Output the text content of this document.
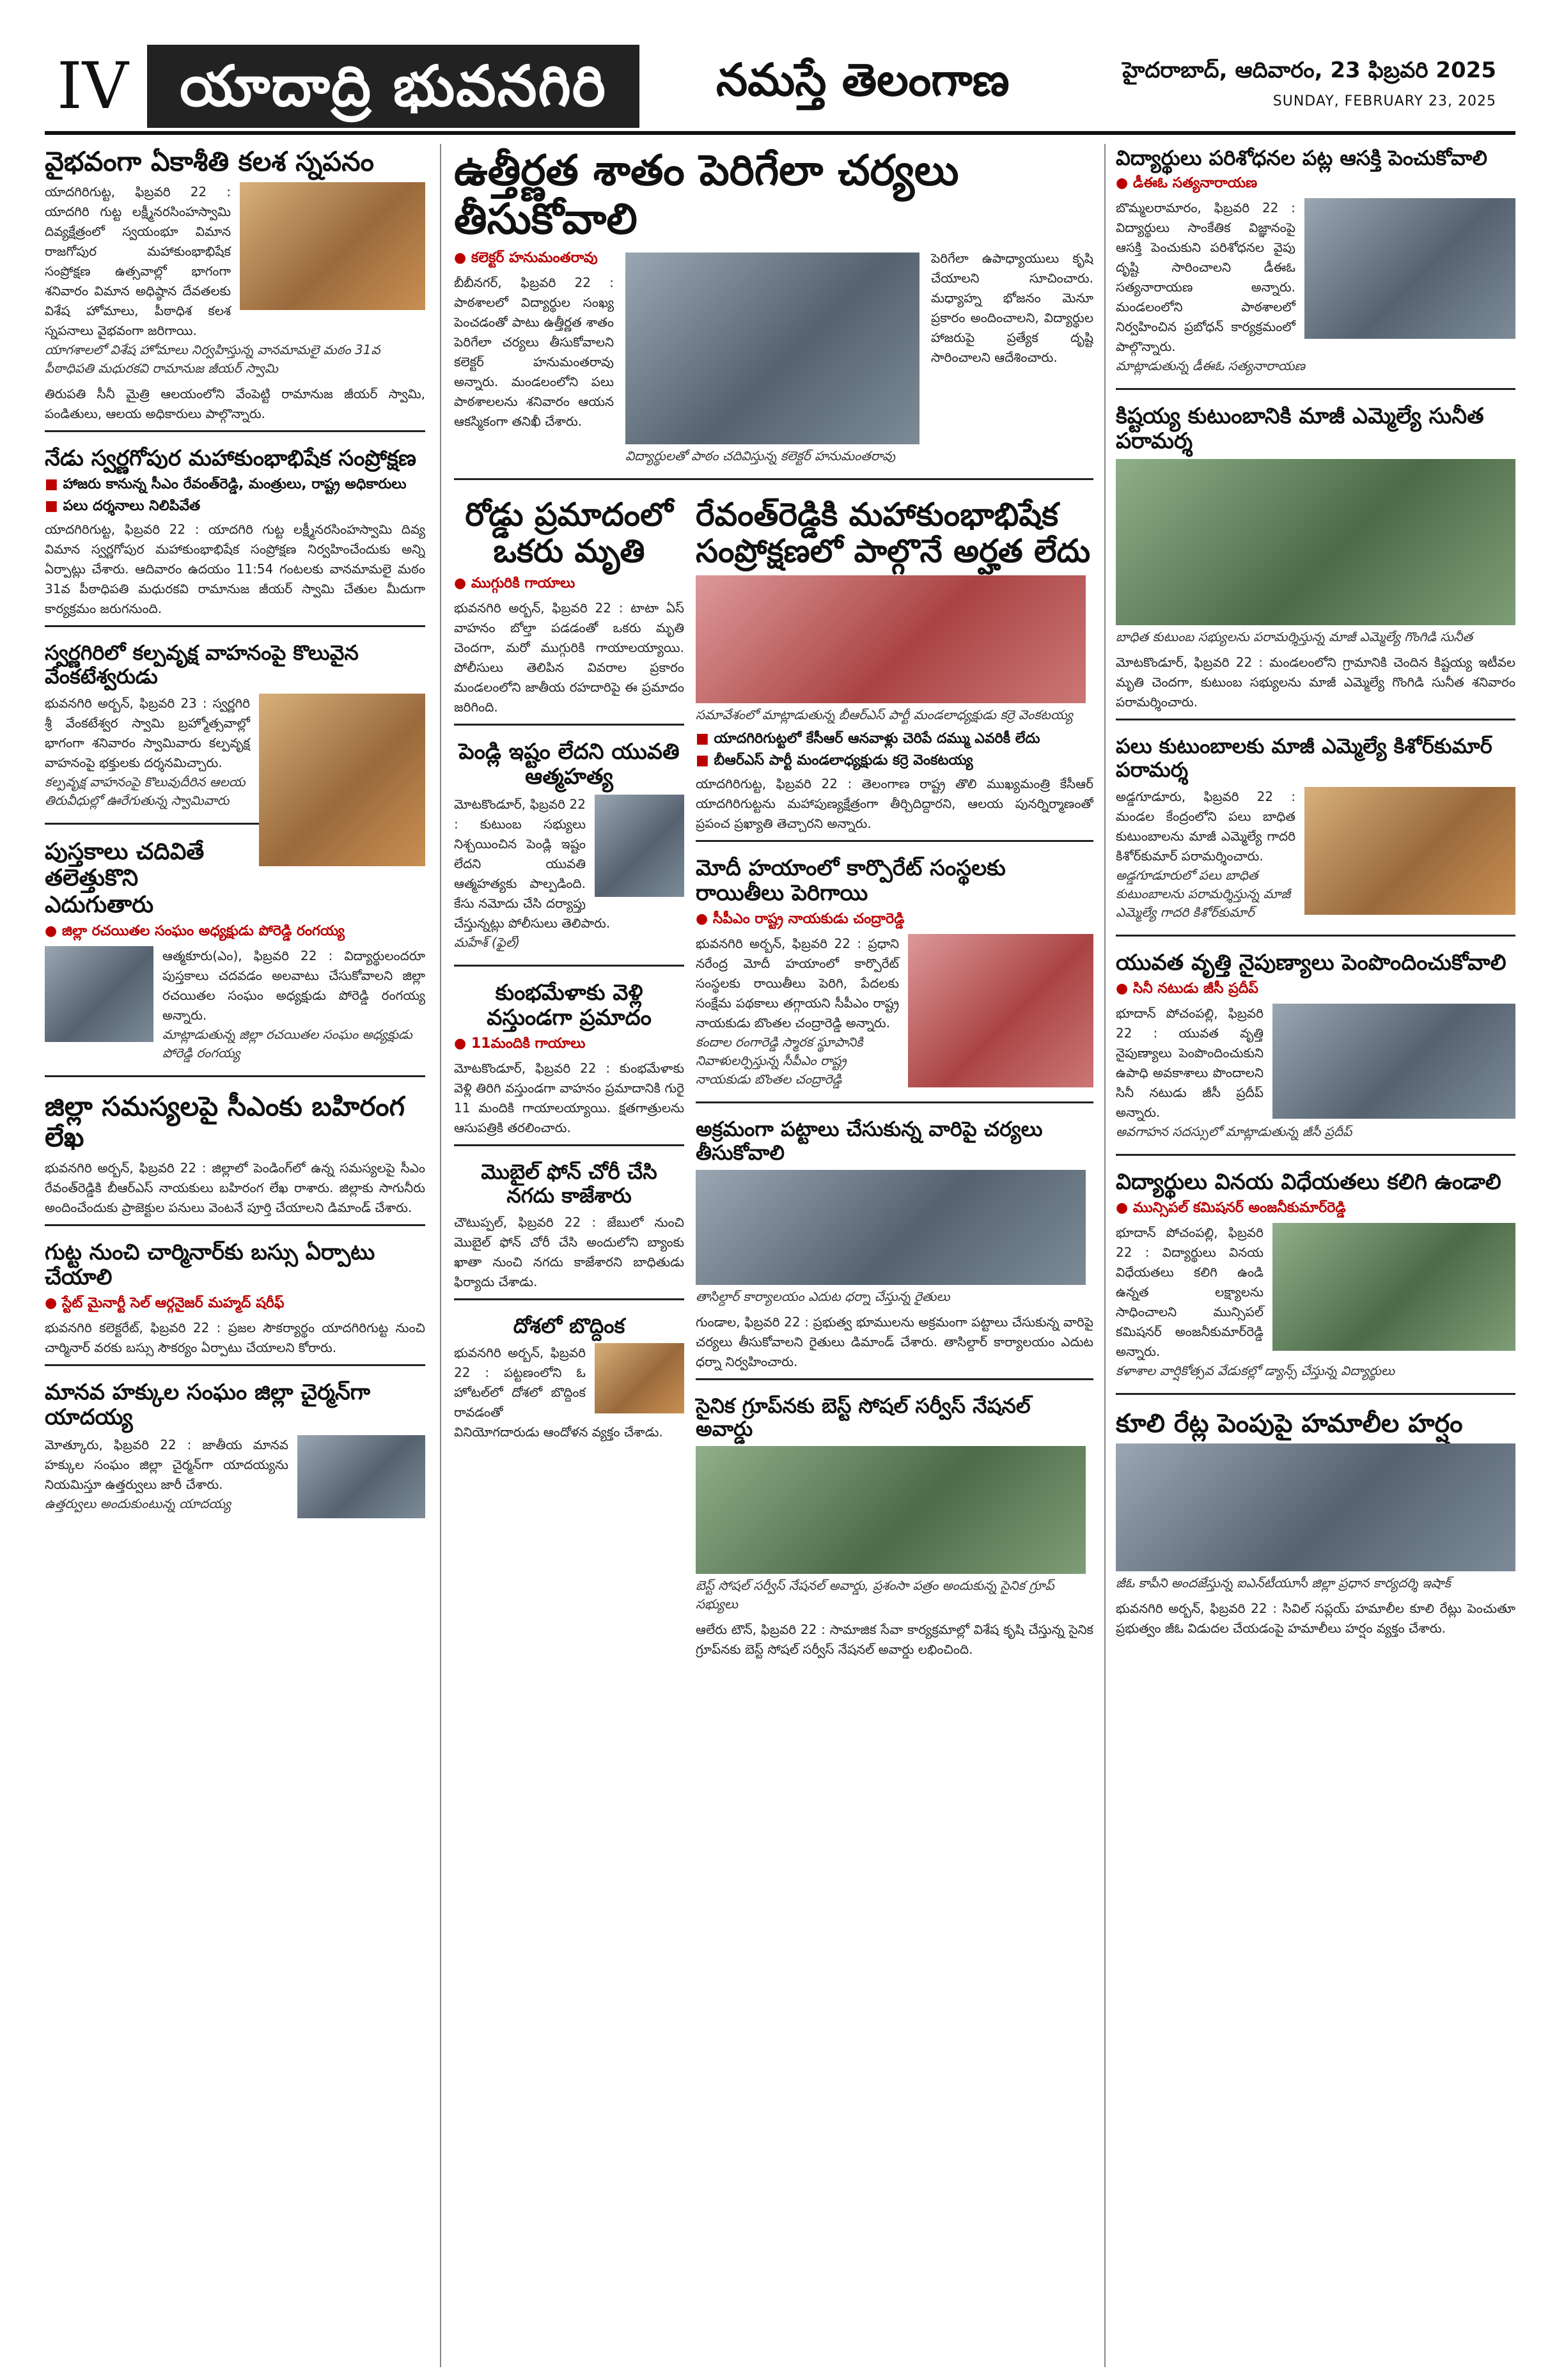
IV యాదాద్రి భువనగిరి	నమస్తే తెలంగాణ	హైదరాబాద్, ఆదివారం, 23 ఫిబ్రవరి 2025
SUNDAY, FEBRUARY 23, 2025
వైభవంగా ఏకాశీతి కలశ స్నపనం
యాదగిరిగుట్ట, ఫిబ్రవరి 22 : యాదగిరి గుట్ట లక్ష్మీనరసింహస్వామి దివ్యక్షేత్రంలో స్వయంభూ విమాన రాజగోపుర మహాకుంభాభిషేక సంప్రోక్షణ ఉత్సవాల్లో భాగంగా శనివారం విమాన అధిష్ఠాన దేవతలకు విశేష హోమాలు, పీఠాధిశ కలశ స్నపనాలు వైభవంగా జరిగాయి.
యాగశాలలో విశేష హోమాలు నిర్వహిస్తున్న వానమామలై మఠం 31వ పీఠాధిపతి మధురకవి రామానుజ జీయర్ స్వామి
తిరుపతి సీనీ మైత్రి ఆలయంలోని వేంపెట్టి రామానుజ జీయర్ స్వామి, పండితులు, ఆలయ అధికారులు పాల్గొన్నారు.
నేడు స్వర్ణగోపుర మహాకుంభాభిషేక సంప్రోక్షణ
■ హాజరు కానున్న సీఎం రేవంత్‌రెడ్డి, మంత్రులు, రాష్ట్ర అధికారులు
■ పలు దర్శనాలు నిలిపివేత
యాదగిరిగుట్ట, ఫిబ్రవరి 22 : యాదగిరి గుట్ట లక్ష్మీనరసింహస్వామి దివ్య విమాన స్వర్ణగోపుర మహాకుంభాభిషేక సంప్రోక్షణ నిర్వహించేందుకు అన్ని ఏర్పాట్లు చేశారు. ఆదివారం ఉదయం 11:54 గంటలకు వానమామలై మఠం 31వ పీఠాధిపతి మధురకవి రామానుజ జీయర్ స్వామి చేతుల మీదుగా కార్యక్రమం జరుగనుంది.
స్వర్ణగిరిలో కల్పవృక్ష వాహనంపై కొలువైన వేంకటేశ్వరుడు
భువనగిరి అర్బన్, ఫిబ్రవరి 23 : స్వర్ణగిరి శ్రీ వేంకటేశ్వర స్వామి బ్రహ్మోత్సవాల్లో భాగంగా శనివారం స్వామివారు కల్పవృక్ష వాహనంపై భక్తులకు దర్శనమిచ్చారు.
కల్పవృక్ష వాహనంపై కొలువుదీరిన ఆలయ తిరువీధుల్లో ఊరేగుతున్న స్వామివారు
పుస్తకాలు చదివితే తలెత్తుకొని ఎదుగుతారు
● జిల్లా రచయితల సంఘం అధ్యక్షుడు పోరెడ్డి రంగయ్య
ఆత్మకూరు(ఎం), ఫిబ్రవరి 22 : విద్యార్థులందరూ పుస్తకాలు చదవడం అలవాటు చేసుకోవాలని జిల్లా రచయితల సంఘం అధ్యక్షుడు పోరెడ్డి రంగయ్య అన్నారు.
మాట్లాడుతున్న జిల్లా రచయితల సంఘం అధ్యక్షుడు పోరెడ్డి రంగయ్య
జిల్లా సమస్యలపై సీఎంకు బహిరంగ లేఖ
భువనగిరి అర్బన్, ఫిబ్రవరి 22 : జిల్లాలో పెండింగ్‌లో ఉన్న సమస్యలపై సీఎం రేవంత్‌రెడ్డికి బీఆర్‌ఎస్ నాయకులు బహిరంగ లేఖ రాశారు. జిల్లాకు సాగునీరు అందించేందుకు ప్రాజెక్టుల పనులు వెంటనే పూర్తి చేయాలని డిమాండ్ చేశారు.
గుట్ట నుంచి చార్మినార్‌కు బస్సు ఏర్పాటు చేయాలి
● స్టేట్ మైనార్టీ సెల్ ఆర్గనైజర్ మహ్మద్ షరీఫ్
భువనగిరి కలెక్టరేట్, ఫిబ్రవరి 22 : ప్రజల సౌకర్యార్థం యాదగిరిగుట్ట నుంచి చార్మినార్ వరకు బస్సు సౌకర్యం ఏర్పాటు చేయాలని కోరారు.
మానవ హక్కుల సంఘం జిల్లా చైర్మన్‌గా యాదయ్య
మోత్కూరు, ఫిబ్రవరి 22 : జాతీయ మానవ హక్కుల సంఘం జిల్లా చైర్మన్‌గా యాదయ్యను నియమిస్తూ ఉత్తర్వులు జారీ చేశారు.
ఉత్తర్వులు అందుకుంటున్న యాదయ్య
ఉత్తీర్ణత శాతం పెరిగేలా చర్యలు తీసుకోవాలి
● కలెక్టర్ హనుమంతరావు
బీబీనగర్, ఫిబ్రవరి 22 : పాఠశాలలో విద్యార్థుల సంఖ్య పెంచడంతో పాటు ఉత్తీర్ణత శాతం పెరిగేలా చర్యలు తీసుకోవాలని కలెక్టర్ హనుమంతరావు అన్నారు. మండలంలోని పలు పాఠశాలలను శనివారం ఆయన ఆకస్మికంగా తనిఖీ చేశారు.
విద్యార్థులతో పాఠం చదివిస్తున్న కలెక్టర్ హనుమంతరావు
పెరిగేలా ఉపాధ్యాయులు కృషి చేయాలని సూచించారు. మధ్యాహ్న భోజనం మెనూ ప్రకారం అందించాలని, విద్యార్థుల హాజరుపై ప్రత్యేక దృష్టి సారించాలని ఆదేశించారు.
రోడ్డు ప్రమాదంలో ఒకరు మృతి
● ముగ్గురికి గాయాలు
భువనగిరి అర్బన్, ఫిబ్రవరి 22 : టాటా ఏస్ వాహనం బోల్తా పడడంతో ఒకరు మృతి చెందగా, మరో ముగ్గురికి గాయాలయ్యాయి. పోలీసులు తెలిపిన వివరాల ప్రకారం మండలంలోని జాతీయ రహదారిపై ఈ ప్రమాదం జరిగింది.
పెండ్లి ఇష్టం లేదని యువతి ఆత్మహత్య
మోటకొండూర్, ఫిబ్రవరి 22 : కుటుంబ సభ్యులు నిశ్చయించిన పెండ్లి ఇష్టం లేదని యువతి ఆత్మహత్యకు పాల్పడింది. కేసు నమోదు చేసి దర్యాప్తు చేస్తున్నట్లు పోలీసులు తెలిపారు.
మహేశ్ (ఫైల్)
కుంభమేళాకు వెళ్లి వస్తుండగా ప్రమాదం
● 11మందికి గాయాలు
మోటకొండూర్, ఫిబ్రవరి 22 : కుంభమేళాకు వెళ్లి తిరిగి వస్తుండగా వాహనం ప్రమాదానికి గురై 11 మందికి గాయాలయ్యాయి. క్షతగాత్రులను ఆసుపత్రికి తరలించారు.
మొబైల్ ఫోన్ చోరీ చేసి నగదు కాజేశారు
చౌటుప్పల్, ఫిబ్రవరి 22 : జేబులో నుంచి మొబైల్ ఫోన్ చోరీ చేసి అందులోని బ్యాంకు ఖాతా నుంచి నగదు కాజేశారని బాధితుడు ఫిర్యాదు చేశాడు.
దోశలో బొద్దింక
భువనగిరి అర్బన్, ఫిబ్రవరి 22 : పట్టణంలోని ఓ హోటల్‌లో దోశలో బొద్దింక రావడంతో వినియోగదారుడు ఆందోళన వ్యక్తం చేశాడు.
రేవంత్‌రెడ్డికి మహాకుంభాభిషేక సంప్రోక్షణలో పాల్గొనే అర్హత లేదు
సమావేశంలో మాట్లాడుతున్న బీఆర్‌ఎస్ పార్టీ మండలాధ్యక్షుడు కర్రె వెంకటయ్య
■ యాదగిరిగుట్టలో కేసీఆర్ ఆనవాళ్లు చెరిపే దమ్ము ఎవరికీ లేదు
■ బీఆర్‌ఎస్ పార్టీ మండలాధ్యక్షుడు కర్రె వెంకటయ్య
యాదగిరిగుట్ట, ఫిబ్రవరి 22 : తెలంగాణ రాష్ట్ర తొలి ముఖ్యమంత్రి కేసీఆర్ యాదగిరిగుట్టను మహాపుణ్యక్షేత్రంగా తీర్చిదిద్దారని, ఆలయ పునర్నిర్మాణంతో ప్రపంచ ప్రఖ్యాతి తెచ్చారని అన్నారు.
మోదీ హయాంలో కార్పొరేట్ సంస్థలకు రాయితీలు పెరిగాయి
● సీపీఎం రాష్ట్ర నాయకుడు చంద్రారెడ్డి
భువనగిరి అర్బన్, ఫిబ్రవరి 22 : ప్రధాని నరేంద్ర మోదీ హయాంలో కార్పొరేట్ సంస్థలకు రాయితీలు పెరిగి, పేదలకు సంక్షేమ పథకాలు తగ్గాయని సీపీఎం రాష్ట్ర నాయకుడు బొంతల చంద్రారెడ్డి అన్నారు.
కందాల రంగారెడ్డి స్మారక స్థూపానికి నివాళులర్పిస్తున్న సీపీఎం రాష్ట్ర నాయకుడు బొంతల చంద్రారెడ్డి
అక్రమంగా పట్టాలు చేసుకున్న వారిపై చర్యలు తీసుకోవాలి
తాసిల్దార్ కార్యాలయం ఎదుట ధర్నా చేస్తున్న రైతులు
గుండాల, ఫిబ్రవరి 22 : ప్రభుత్వ భూములను అక్రమంగా పట్టాలు చేసుకున్న వారిపై చర్యలు తీసుకోవాలని రైతులు డిమాండ్ చేశారు. తాసిల్దార్ కార్యాలయం ఎదుట ధర్నా నిర్వహించారు.
సైనిక గ్రూప్‌నకు బెస్ట్ సోషల్ సర్వీస్ నేషనల్ అవార్డు
బెస్ట్ సోషల్ సర్వీస్ నేషనల్ అవార్డు, ప్రశంసా పత్రం అందుకున్న సైనిక గ్రూప్ సభ్యులు
ఆలేరు టౌన్, ఫిబ్రవరి 22 : సామాజిక సేవా కార్యక్రమాల్లో విశేష కృషి చేస్తున్న సైనిక గ్రూప్‌నకు బెస్ట్ సోషల్ సర్వీస్ నేషనల్ అవార్డు లభించింది.
విద్యార్థులు పరిశోధనల పట్ల ఆసక్తి పెంచుకోవాలి
● డీఈఓ సత్యనారాయణ
బొమ్మలరామారం, ఫిబ్రవరి 22 : విద్యార్థులు సాంకేతిక విజ్ఞానంపై ఆసక్తి పెంచుకుని పరిశోధనల వైపు దృష్టి సారించాలని డీఈఓ సత్యనారాయణ అన్నారు. మండలంలోని పాఠశాలలో నిర్వహించిన ప్రబోధన్ కార్యక్రమంలో పాల్గొన్నారు.
మాట్లాడుతున్న డీఈఓ సత్యనారాయణ
కిష్టయ్య కుటుంబానికి మాజీ ఎమ్మెల్యే సునీత పరామర్శ
బాధిత కుటుంబ సభ్యులను పరామర్శిస్తున్న మాజీ ఎమ్మెల్యే గొంగిడి సునీత
మోటకొండూర్, ఫిబ్రవరి 22 : మండలంలోని గ్రామానికి చెందిన కిష్టయ్య ఇటీవల మృతి చెందగా, కుటుంబ సభ్యులను మాజీ ఎమ్మెల్యే గొంగిడి సునీత శనివారం పరామర్శించారు.
పలు కుటుంబాలకు మాజీ ఎమ్మెల్యే కిశోర్‌కుమార్ పరామర్శ
అడ్డగూడూరు, ఫిబ్రవరి 22 : మండల కేంద్రంలోని పలు బాధిత కుటుంబాలను మాజీ ఎమ్మెల్యే గాదరి కిశోర్‌కుమార్ పరామర్శించారు.
అడ్డగూడూరులో పలు బాధిత కుటుంబాలను పరామర్శిస్తున్న మాజీ ఎమ్మెల్యే గాదరి కిశోర్‌కుమార్
యువత వృత్తి నైపుణ్యాలు పెంపొందించుకోవాలి
● సినీ నటుడు జీసీ ప్రదీప్
భూదాన్ పోచంపల్లి, ఫిబ్రవరి 22 : యువత వృత్తి నైపుణ్యాలు పెంపొందించుకుని ఉపాధి అవకాశాలు పొందాలని సినీ నటుడు జీసీ ప్రదీప్ అన్నారు.
అవగాహన సదస్సులో మాట్లాడుతున్న జీసీ ప్రదీప్
విద్యార్థులు వినయ విధేయతలు కలిగి ఉండాలి
● మున్సిపల్ కమిషనర్ అంజనీకుమార్‌రెడ్డి
భూదాన్ పోచంపల్లి, ఫిబ్రవరి 22 : విద్యార్థులు వినయ విధేయతలు కలిగి ఉండి ఉన్నత లక్ష్యాలను సాధించాలని మున్సిపల్ కమిషనర్ అంజనీకుమార్‌రెడ్డి అన్నారు.
కళాశాల వార్షికోత్సవ వేడుకల్లో డ్యాన్స్ చేస్తున్న విద్యార్థులు
కూలి రేట్ల పెంపుపై హమాలీల హర్షం
జీఓ కాపీని అందజేస్తున్న ఐఎన్‌టీయూసీ జిల్లా ప్రధాన కార్యదర్శి ఇషాక్
భువనగిరి అర్బన్, ఫిబ్రవరి 22 : సివిల్ సప్లయ్ హమాలీల కూలి రేట్లు పెంచుతూ ప్రభుత్వం జీఓ విడుదల చేయడంపై హమాలీలు హర్షం వ్యక్తం చేశారు.
